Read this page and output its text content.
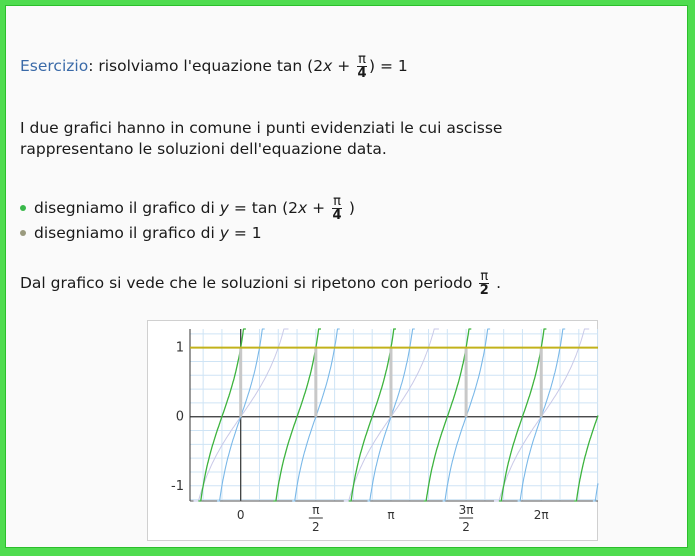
Esercizio: risolviamo l'equazione $\tan (2x + \frac{\pi}{4}$ ) = 1
I due grafici hanno in comune i punti evidenziati le cui ascisse
rappresentano le soluzioni dell'equazione data.
disegniamo il grafico di $y = \tan (2x + \frac{\pi}{4}$ )
disegniamo il grafico di y = 1
Dal grafico si vede che le soluzioni si ripetono con periodo $\frac{\pi}{2}$ .
1
0
-1
0	π
2
π	3π
2
2π
